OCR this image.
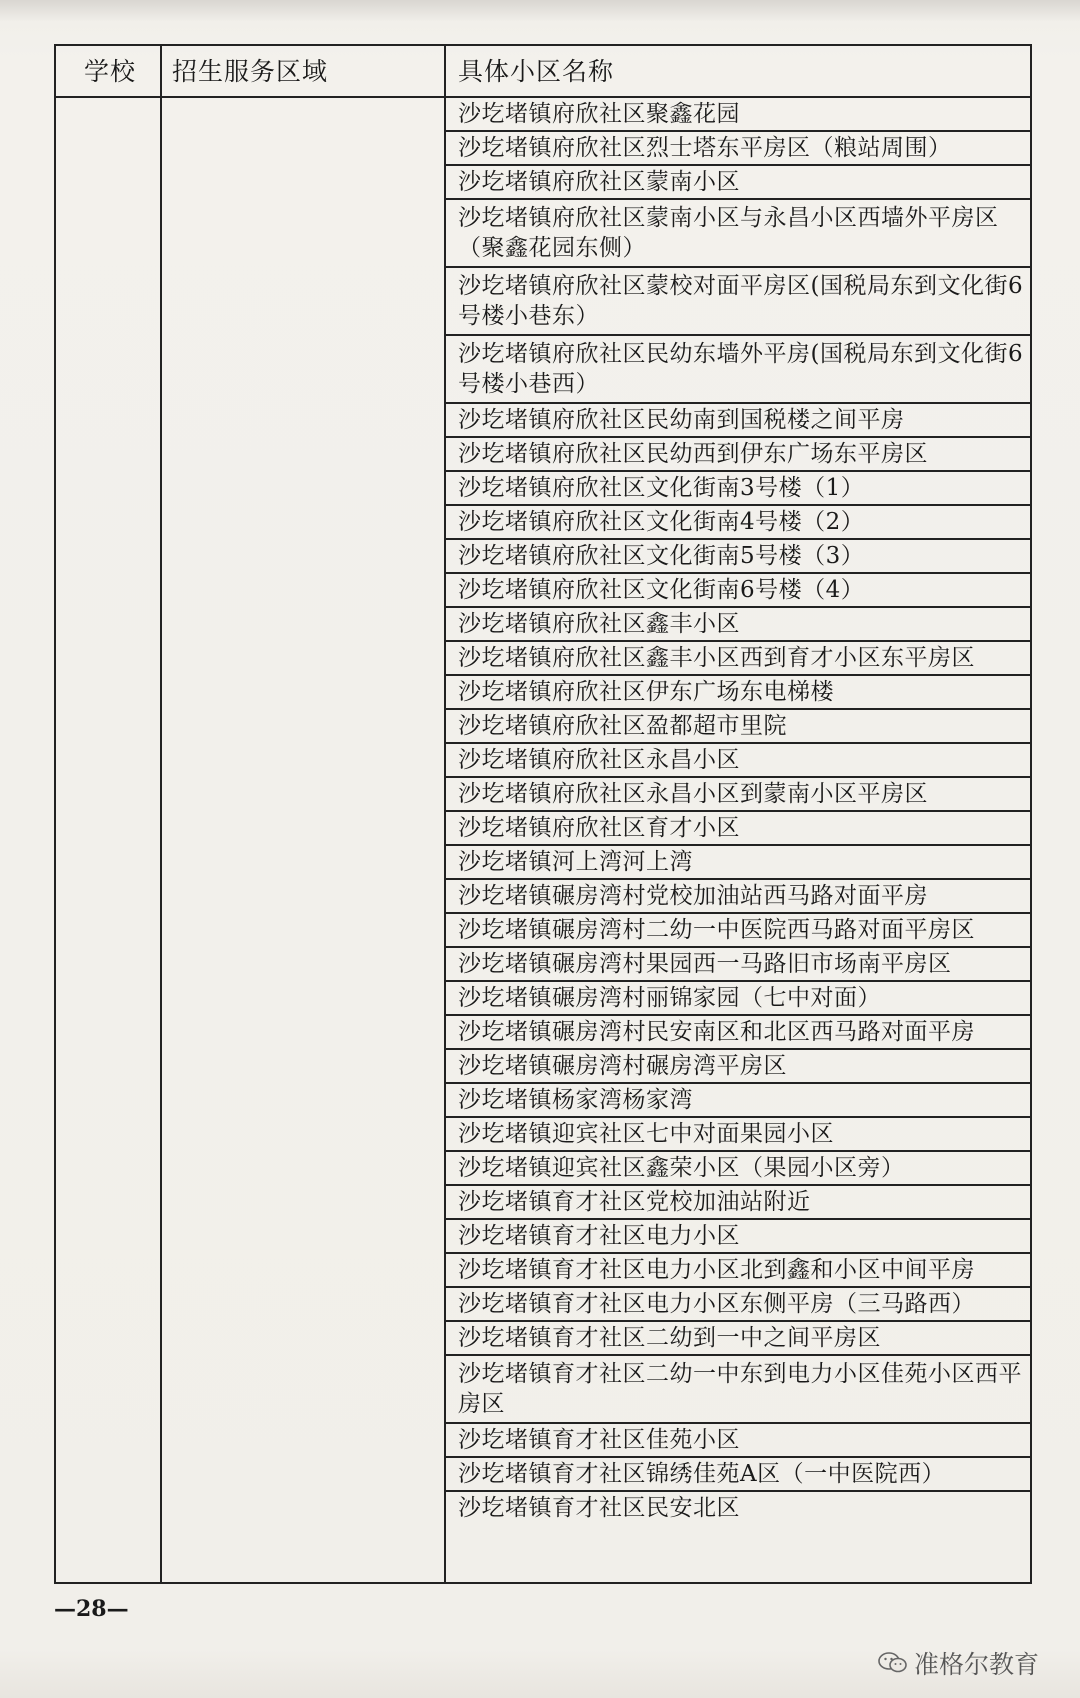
学校 招生服务区域	具体小区名称
沙圪堵镇府欣社区聚鑫花园
沙圪堵镇府欣社区烈士塔东平房区（粮站周围）
沙圪堵镇府欣社区蒙南小区
沙圪堵镇府欣社区蒙南小区与永昌小区西墙外平房区（聚鑫花园东侧）
沙圪堵镇府欣社区蒙校对面平房区(国税局东到文化街6号楼小巷东）
沙圪堵镇府欣社区民幼东墙外平房(国税局东到文化街6号楼小巷西）
沙圪堵镇府欣社区民幼南到国税楼之间平房
沙圪堵镇府欣社区民幼西到伊东广场东平房区
沙圪堵镇府欣社区文化街南3号楼（1）
沙圪堵镇府欣社区文化街南4号楼（2）
沙圪堵镇府欣社区文化街南5号楼（3）
沙圪堵镇府欣社区文化街南6号楼（4）
沙圪堵镇府欣社区鑫丰小区
沙圪堵镇府欣社区鑫丰小区西到育才小区东平房区
沙圪堵镇府欣社区伊东广场东电梯楼
沙圪堵镇府欣社区盈都超市里院
沙圪堵镇府欣社区永昌小区
沙圪堵镇府欣社区永昌小区到蒙南小区平房区
沙圪堵镇府欣社区育才小区
沙圪堵镇河上湾河上湾
沙圪堵镇碾房湾村党校加油站西马路对面平房
沙圪堵镇碾房湾村二幼一中医院西马路对面平房区
沙圪堵镇碾房湾村果园西一马路旧市场南平房区
沙圪堵镇碾房湾村丽锦家园（七中对面）
沙圪堵镇碾房湾村民安南区和北区西马路对面平房
沙圪堵镇碾房湾村碾房湾平房区
沙圪堵镇杨家湾杨家湾
沙圪堵镇迎宾社区七中对面果园小区
沙圪堵镇迎宾社区鑫荣小区（果园小区旁）
沙圪堵镇育才社区党校加油站附近
沙圪堵镇育才社区电力小区
沙圪堵镇育才社区电力小区北到鑫和小区中间平房
沙圪堵镇育才社区电力小区东侧平房（三马路西）
沙圪堵镇育才社区二幼到一中之间平房区
沙圪堵镇育才社区二幼一中东到电力小区佳苑小区西平房区
沙圪堵镇育才社区佳苑小区
沙圪堵镇育才社区锦绣佳苑A区（一中医院西）
沙圪堵镇育才社区民安北区
—28—
准格尔教育
